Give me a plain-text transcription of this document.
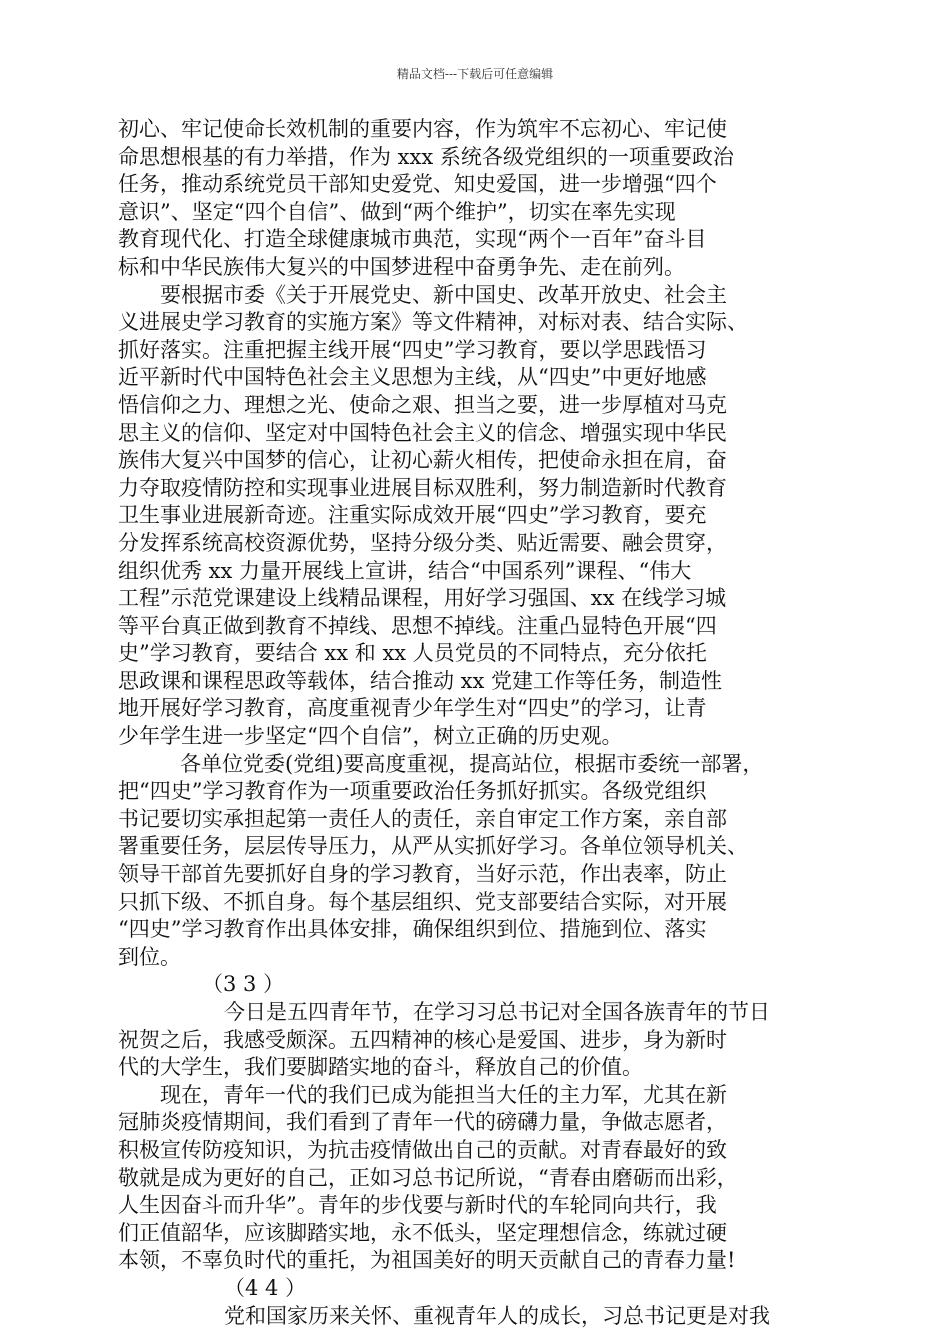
精品文档---下载后可任意编辑
初心、牢记使命长效机制的重要内容，作为筑牢不忘初心、牢记使
命思想根基的有力举措，作为 xxx 系统各级党组织的一项重要政治
任务，推动系统党员干部知史爱党、知史爱国，进一步增强“四个
意识”、坚定“四个自信”、做到“两个维护”，切实在率先实现
教育现代化、打造全球健康城市典范，实现“两个一百年”奋斗目
标和中华民族伟大复兴的中国梦进程中奋勇争先、走在前列。
要根据市委《关于开展党史、新中国史、改革开放史、社会主
义进展史学习教育的实施方案》等文件精神，对标对表、结合实际、
抓好落实。注重把握主线开展“四史”学习教育，要以学思践悟习
近平新时代中国特色社会主义思想为主线，从“四史”中更好地感
悟信仰之力、理想之光、使命之艰、担当之要，进一步厚植对马克
思主义的信仰、坚定对中国特色社会主义的信念、增强实现中华民
族伟大复兴中国梦的信心，让初心薪火相传，把使命永担在肩，奋
力夺取疫情防控和实现事业进展目标双胜利，努力制造新时代教育
卫生事业进展新奇迹。注重实际成效开展“四史”学习教育，要充
分发挥系统高校资源优势，坚持分级分类、贴近需要、融会贯穿，
组织优秀 xx 力量开展线上宣讲，结合“中国系列”课程、“伟大
工程”示范党课建设上线精品课程，用好学习强国、xx 在线学习城
等平台真正做到教育不掉线、思想不掉线。注重凸显特色开展“四
史”学习教育，要结合 xx 和 xx 人员党员的不同特点，充分依托
思政课和课程思政等载体，结合推动 xx 党建工作等任务，制造性
地开展好学习教育，高度重视青少年学生对“四史”的学习，让青
少年学生进一步坚定“四个自信”，树立正确的历史观。
各单位党委(党组)要高度重视，提高站位，根据市委统一部署，
把“四史”学习教育作为一项重要政治任务抓好抓实。各级党组织
书记要切实承担起第一责任人的责任，亲自审定工作方案，亲自部
署重要任务，层层传导压力，从严从实抓好学习。各单位领导机关、
领导干部首先要抓好自身的学习教育，当好示范，作出表率，防止
只抓下级、不抓自身。每个基层组织、党支部要结合实际，对开展
“四史”学习教育作出具体安排，确保组织到位、措施到位、落实
到位。
（3 3 ）
今日是五四青年节，在学习习总书记对全国各族青年的节日
祝贺之后，我感受颇深。五四精神的核心是爱国、进步，身为新时
代的大学生，我们要脚踏实地的奋斗，释放自己的价值。
现在，青年一代的我们已成为能担当大任的主力军，尤其在新
冠肺炎疫情期间，我们看到了青年一代的磅礴力量，争做志愿者，
积极宣传防疫知识，为抗击疫情做出自己的贡献。对青春最好的致
敬就是成为更好的自己，正如习总书记所说，“青春由磨砺而出彩，
人生因奋斗而升华”。青年的步伐要与新时代的车轮同向共行，我
们正值韶华，应该脚踏实地，永不低头，坚定理想信念，练就过硬
本领，不辜负时代的重托，为祖国美好的明天贡献自己的青春力量!
（4 4 ）
党和国家历来关怀、重视青年人的成长，习总书记更是对我
